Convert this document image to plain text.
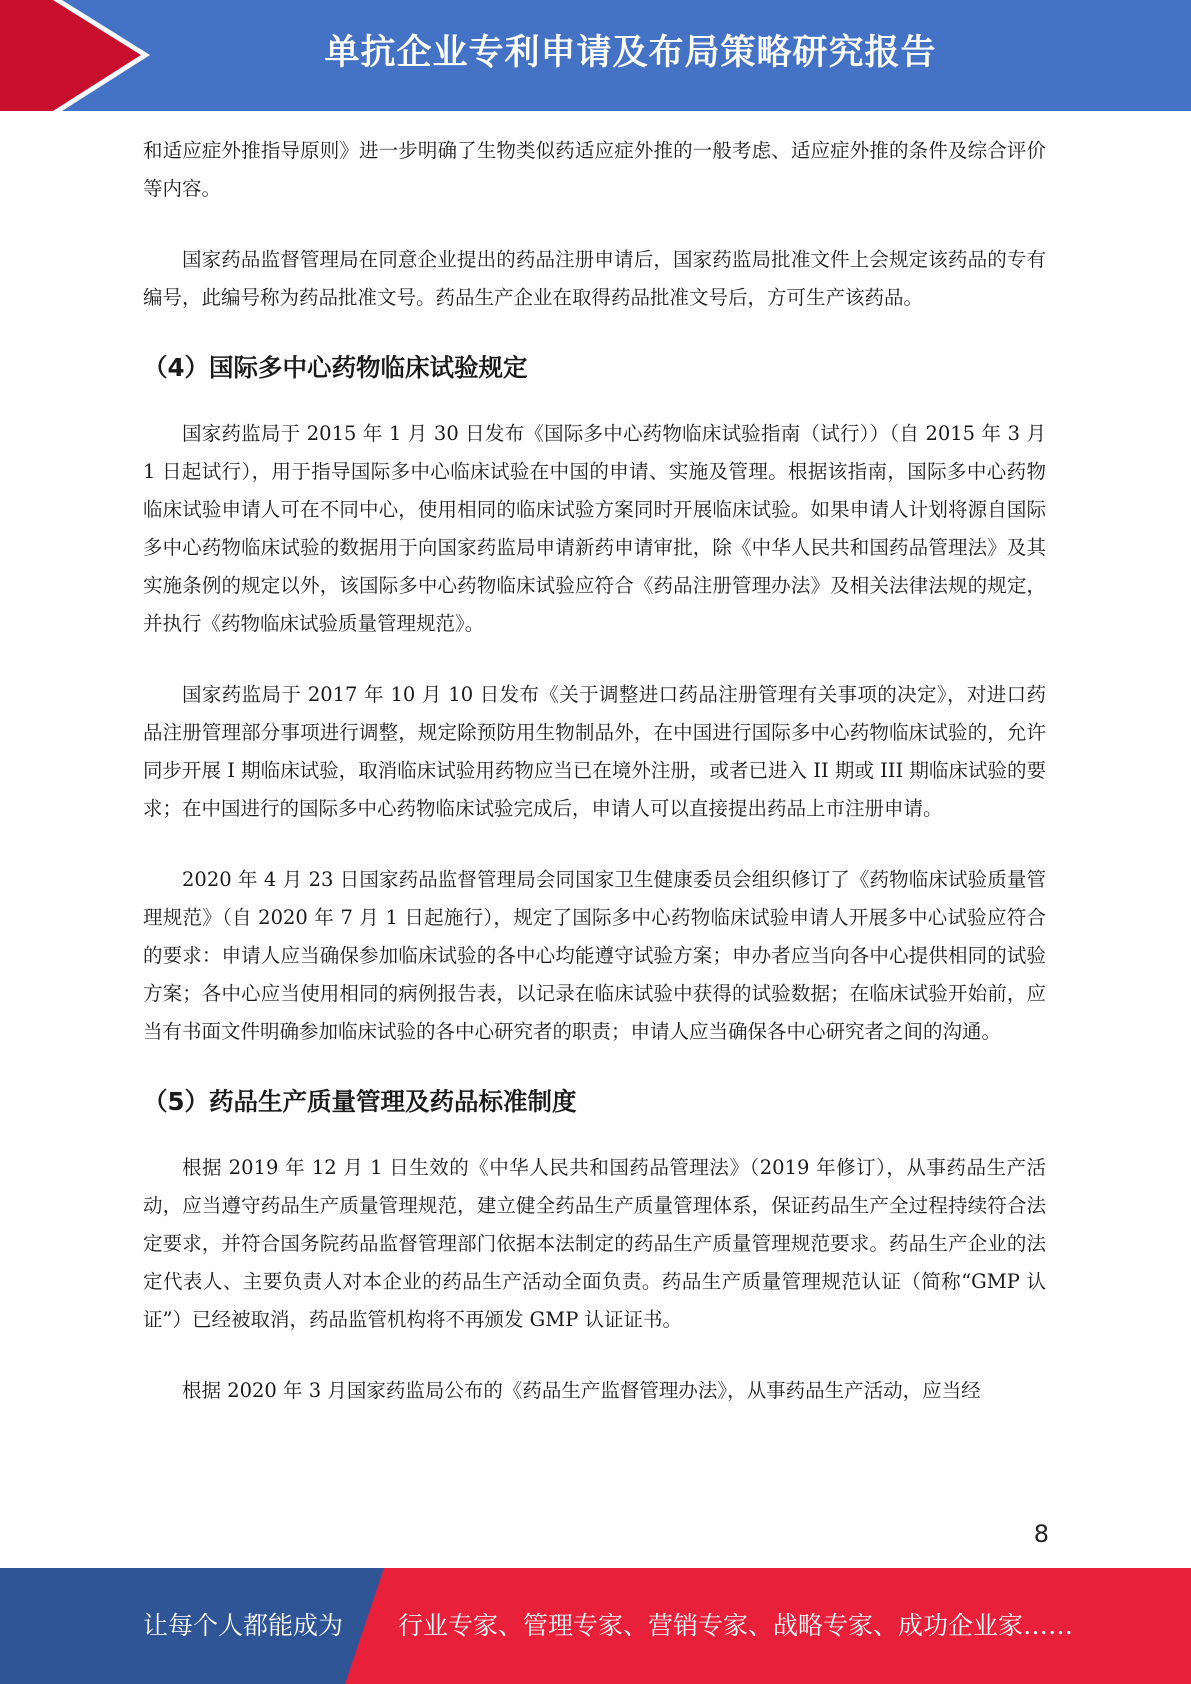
单抗企业专利申请及布局策略研究报告

和适应症外推指导原则》进一步明确了生物类似药适应症外推的一般考虑、适应症外推的条件及综合评价等内容。

国家药品监督管理局在同意企业提出的药品注册申请后，国家药监局批准文件上会规定该药品的专有编号，此编号称为药品批准文号。药品生产企业在取得药品批准文号后，方可生产该药品。

（4）国际多中心药物临床试验规定

国家药监局于 2015 年 1 月 30 日发布《国际多中心药物临床试验指南（试行））（自 2015 年 3 月 1 日起试行），用于指导国际多中心临床试验在中国的申请、实施及管理。根据该指南，国际多中心药物临床试验申请人可在不同中心，使用相同的临床试验方案同时开展临床试验。如果申请人计划将源自国际多中心药物临床试验的数据用于向国家药监局申请新药申请审批，除《中华人民共和国药品管理法》及其实施条例的规定以外，该国际多中心药物临床试验应符合《药品注册管理办法》及相关法律法规的规定，并执行《药物临床试验质量管理规范》。

国家药监局于 2017 年 10 月 10 日发布《关于调整进口药品注册管理有关事项的决定》，对进口药品注册管理部分事项进行调整，规定除预防用生物制品外，在中国进行国际多中心药物临床试验的，允许同步开展 I 期临床试验，取消临床试验用药物应当已在境外注册，或者已进入 II 期或 III 期临床试验的要求；在中国进行的国际多中心药物临床试验完成后，申请人可以直接提出药品上市注册申请。

2020 年 4 月 23 日国家药品监督管理局会同国家卫生健康委员会组织修订了《药物临床试验质量管理规范》（自 2020 年 7 月 1 日起施行），规定了国际多中心药物临床试验申请人开展多中心试验应符合的要求：申请人应当确保参加临床试验的各中心均能遵守试验方案；申办者应当向各中心提供相同的试验方案；各中心应当使用相同的病例报告表，以记录在临床试验中获得的试验数据；在临床试验开始前，应当有书面文件明确参加临床试验的各中心研究者的职责；申请人应当确保各中心研究者之间的沟通。

（5）药品生产质量管理及药品标准制度

根据 2019 年 12 月 1 日生效的《中华人民共和国药品管理法》（2019 年修订），从事药品生产活动，应当遵守药品生产质量管理规范，建立健全药品生产质量管理体系，保证药品生产全过程持续符合法定要求，并符合国务院药品监督管理部门依据本法制定的药品生产质量管理规范要求。药品生产企业的法定代表人、主要负责人对本企业的药品生产活动全面负责。药品生产质量管理规范认证（简称“GMP 认证”）已经被取消，药品监管机构将不再颁发 GMP 认证证书。

根据 2020 年 3 月国家药监局公布的《药品生产监督管理办法》，从事药品生产活动，应当经

8
让每个人都能成为 行业专家、管理专家、营销专家、战略专家、成功企业家……
